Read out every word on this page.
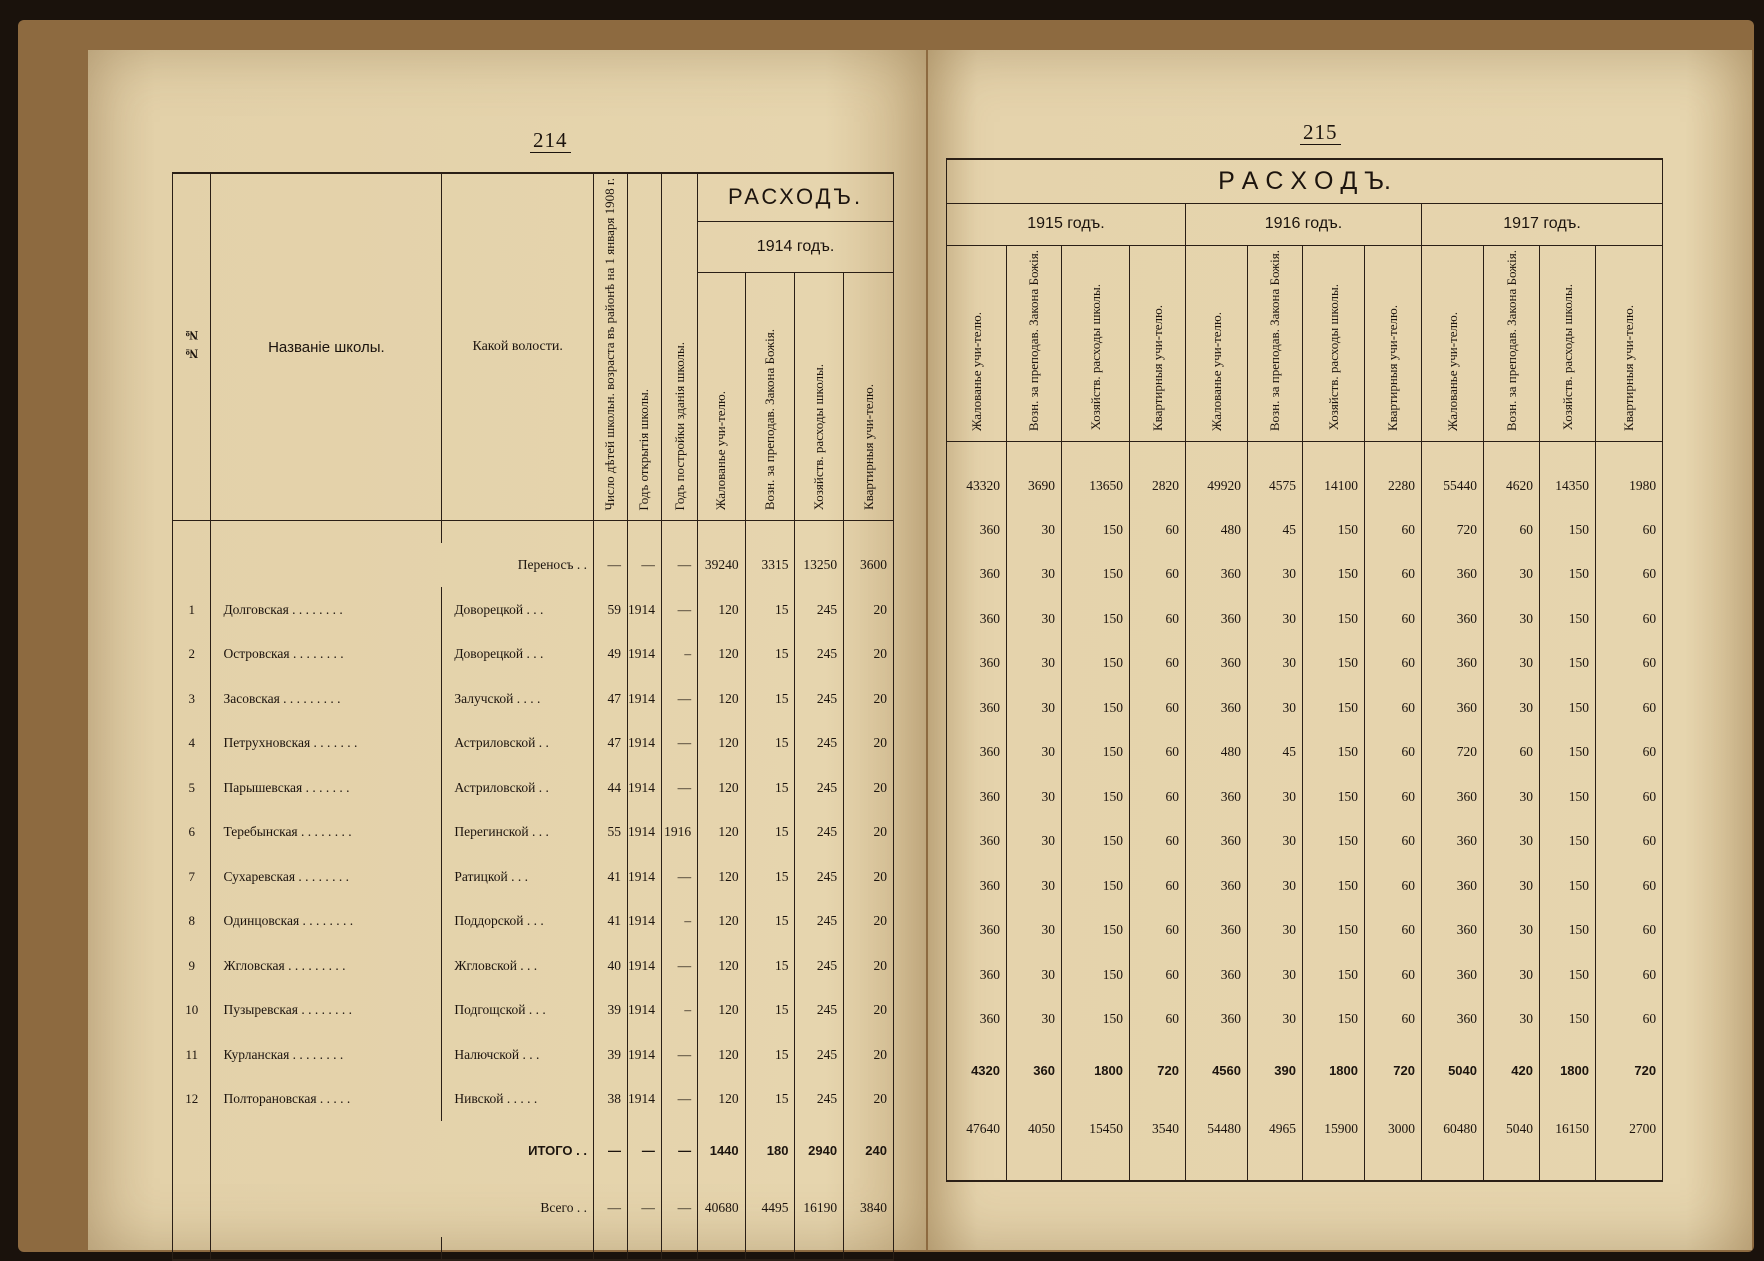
214
№ №	Названіе школы.	Какой волости.	Число дѣтей школьн. возраста въ районѣ на 1 января 1908 г.	Годъ открытія школы.	Годъ постройки зданія школы.	РАСХОДЪ.			
						1914 годъ.			
						Жалованье учи-телю.	Возн. за преподав. Закона Божія.	Хозяйств. расходы школы.	Квартирныя учи-телю.

	Переносъ . .		—	—	—	39240	3315	13250	3600
1	Долговская . . . . . . . .	Доворецкой . . .	59	1914	—	120	15	245	20
2	Островская . . . . . . . .	Доворецкой . . .	49	1914	–	120	15	245	20
3	Засовская . . . . . . . . .	Залучской . . . .	47	1914	—	120	15	245	20
4	Петрухновская . . . . . . .	Астриловской . .	47	1914	—	120	15	245	20
5	Парышевская . . . . . . .	Астриловской . .	44	1914	—	120	15	245	20
6	Теребынская . . . . . . . .	Перегинской . . .	55	1914	1916	120	15	245	20
7	Сухаревская . . . . . . . .	Ратицкой . . .	41	1914	—	120	15	245	20
8	Одинцовская . . . . . . . .	Поддорской . . .	41	1914	–	120	15	245	20
9	Жгловская . . . . . . . . .	Жгловской . . .	40	1914	—	120	15	245	20
10	Пузыревская . . . . . . . .	Подгощской . . .	39	1914	–	120	15	245	20
11	Курланская . . . . . . . .	Налючской . . .	39	1914	—	120	15	245	20
12	Полторановская . . . . .	Нивской . . . . .	38	1914	—	120	15	245	20
	ИТОГО . .		—	—	—	1440	180	2940	240
	Всего . .		—	—	—	40680	4495	16190	3840

215
Р А С Х О Д Ъ.											
1915 годъ.				1916 годъ.				1917 годъ.			
Жалованье учи-телю.	Возн. за преподав. Закона Божія.	Хозяйств. расходы школы.	Квартирныя учи-телю.	Жалованье учи-телю.	Возн. за преподав. Закона Божія.	Хозяйств. расходы школы.	Квартирныя учи-телю.	Жалованье учи-телю.	Возн. за преподав. Закона Божія.	Хозяйств. расходы школы.	Квартирныя учи-телю.

43320	3690	13650	2820	49920	4575	14100	2280	55440	4620	14350	1980
360	30	150	60	480	45	150	60	720	60	150	60
360	30	150	60	360	30	150	60	360	30	150	60
360	30	150	60	360	30	150	60	360	30	150	60
360	30	150	60	360	30	150	60	360	30	150	60
360	30	150	60	360	30	150	60	360	30	150	60
360	30	150	60	480	45	150	60	720	60	150	60
360	30	150	60	360	30	150	60	360	30	150	60
360	30	150	60	360	30	150	60	360	30	150	60
360	30	150	60	360	30	150	60	360	30	150	60
360	30	150	60	360	30	150	60	360	30	150	60
360	30	150	60	360	30	150	60	360	30	150	60
360	30	150	60	360	30	150	60	360	30	150	60
4320	360	1800	720	4560	390	1800	720	5040	420	1800	720
47640	4050	15450	3540	54480	4965	15900	3000	60480	5040	16150	2700
